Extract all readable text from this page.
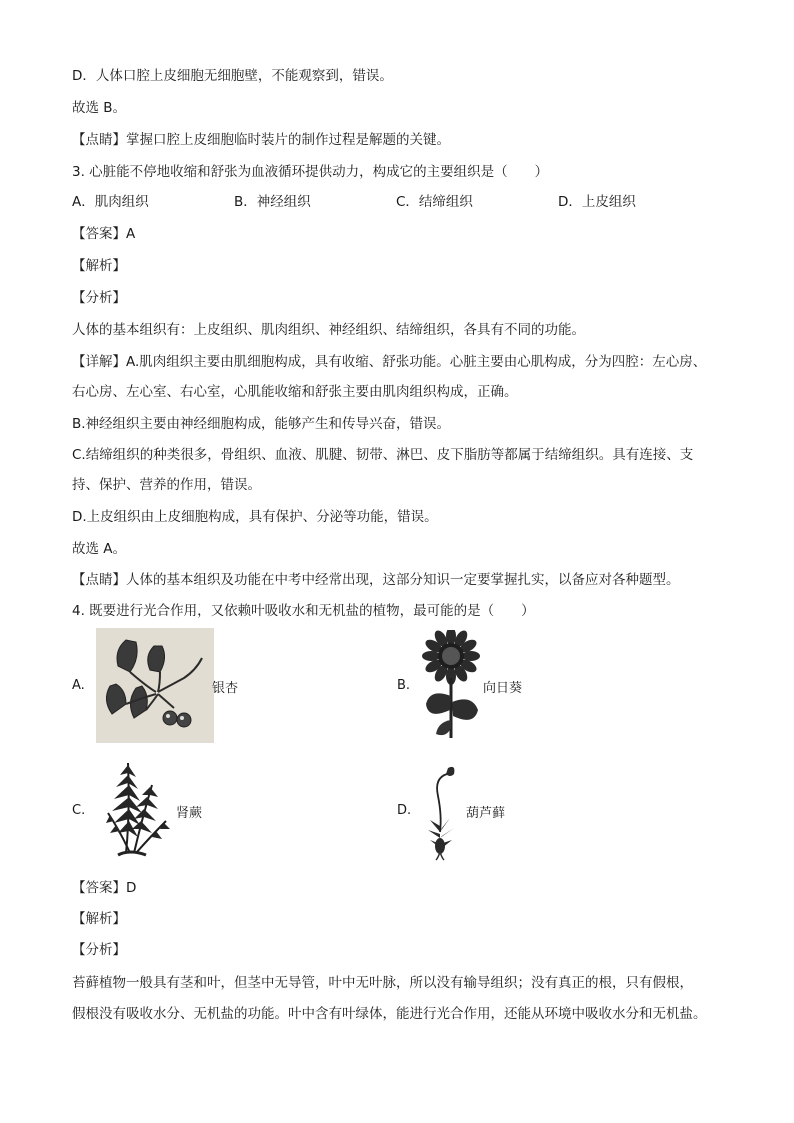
D．人体口腔上皮细胞无细胞壁，不能观察到，错误。
故选 B。
【点睛】掌握口腔上皮细胞临时装片的制作过程是解题的关键。
3. 心脏能不停地收缩和舒张为血液循环提供动力，构成它的主要组织是（　　）
A．肌肉组织	B．神经组织	C．结缔组织	D．上皮组织
【答案】A
【解析】
【分析】
人体的基本组织有：上皮组织、肌肉组织、神经组织、结缔组织，各具有不同的功能。
【详解】A.肌肉组织主要由肌细胞构成，具有收缩、舒张功能。心脏主要由心肌构成，分为四腔：左心房、
右心房、左心室、右心室，心肌能收缩和舒张主要由肌肉组织构成，正确。
B.神经组织主要由神经细胞构成，能够产生和传导兴奋，错误。
C.结缔组织的种类很多，骨组织、血液、肌腱、韧带、淋巴、皮下脂肪等都属于结缔组织。具有连接、支
持、保护、营养的作用，错误。
D.上皮组织由上皮细胞构成，具有保护、分泌等功能，错误。
故选 A。
【点睛】人体的基本组织及功能在中考中经常出现，这部分知识一定要掌握扎实，以备应对各种题型。
4. 既要进行光合作用，又依赖叶吸收水和无机盐的植物，最可能的是（　　）
A.	银杏	B.	向日葵
C.	肾蕨	D.	葫芦藓
【答案】D
【解析】
【分析】
苔藓植物一般具有茎和叶，但茎中无导管，叶中无叶脉，所以没有输导组织；没有真正的根，只有假根，
假根没有吸收水分、无机盐的功能。叶中含有叶绿体，能进行光合作用，还能从环境中吸收水分和无机盐。
